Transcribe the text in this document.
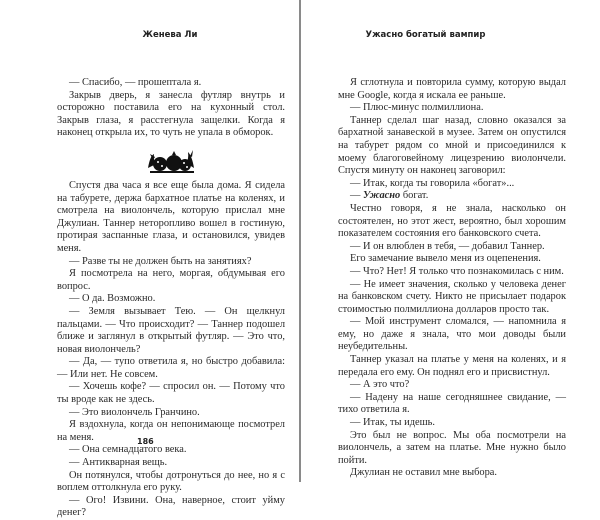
Женева Ли

— Спасибо, — прошептала я.

Закрыв дверь, я занесла футляр внутрь и осторожно поставила его на кухонный стол. Закрыв глаза, я расстегнула защелки. Когда я наконец открыла их, то чуть не упала в обморок.

Спустя два часа я все еще была дома. Я сидела на табурете, держа бархатное платье на коленях, и смотрела на виолончель, которую прислал мне Джулиан. Таннер неторопливо вошел в гостиную, протирая заспанные глаза, и остановился, увидев меня.

— Разве ты не должен быть на занятиях?

Я посмотрела на него, моргая, обдумывая его вопрос.

— О да. Возможно.

— Земля вызывает Тею. — Он щелкнул пальцами. — Что происходит? — Таннер подошел ближе и заглянул в открытый футляр. — Это что, новая виолончель?

— Да, — тупо ответила я, но быстро добавила: — Или нет. Не совсем.

— Хочешь кофе? — спросил он. — Потому что ты вроде как не здесь.

— Это виолончель Гранчино.

Я вздохнула, когда он непонимающе посмотрел на меня.

— Она семнадцатого века.

— Антикварная вещь.

Он потянулся, чтобы дотронуться до нее, но я с воплем оттолкнула его руку.

— Ого! Извини. Она, наверное, стоит уйму денег?

186
Ужасно богатый вампир

Я сглотнула и повторила сумму, которую выдал мне Google, когда я искала ее раньше.

— Плюс-минус полмиллиона.

Таннер сделал шаг назад, словно оказался за бархатной занавеской в музее. Затем он опустился на табурет рядом со мной и присоединился к моему благоговейному лицезрению виолончели. Спустя минуту он наконец заговорил:

— Итак, когда ты говорила «богат»...

— Ужасно богат.

Честно говоря, я не знала, насколько он состоятелен, но этот жест, вероятно, был хорошим показателем состояния его банковского счета.

— И он влюблен в тебя, — добавил Таннер.

Его замечание вывело меня из оцепенения.

— Что? Нет! Я только что познакомилась с ним.

— Не имеет значения, сколько у человека денег на банковском счету. Никто не присылает подарок стоимостью полмиллиона долларов просто так.

— Мой инструмент сломался, — напомнила я ему, но даже я знала, что мои доводы были неубедительны.

Таннер указал на платье у меня на коленях, и я передала его ему. Он поднял его и присвистнул.

— А это что?

— Надену на наше сегодняшнее свидание, — тихо ответила я.

— Итак, ты идешь.

Это был не вопрос. Мы оба посмотрели на виолончель, а затем на платье. Мне нужно было пойти.

Джулиан не оставил мне выбора.
